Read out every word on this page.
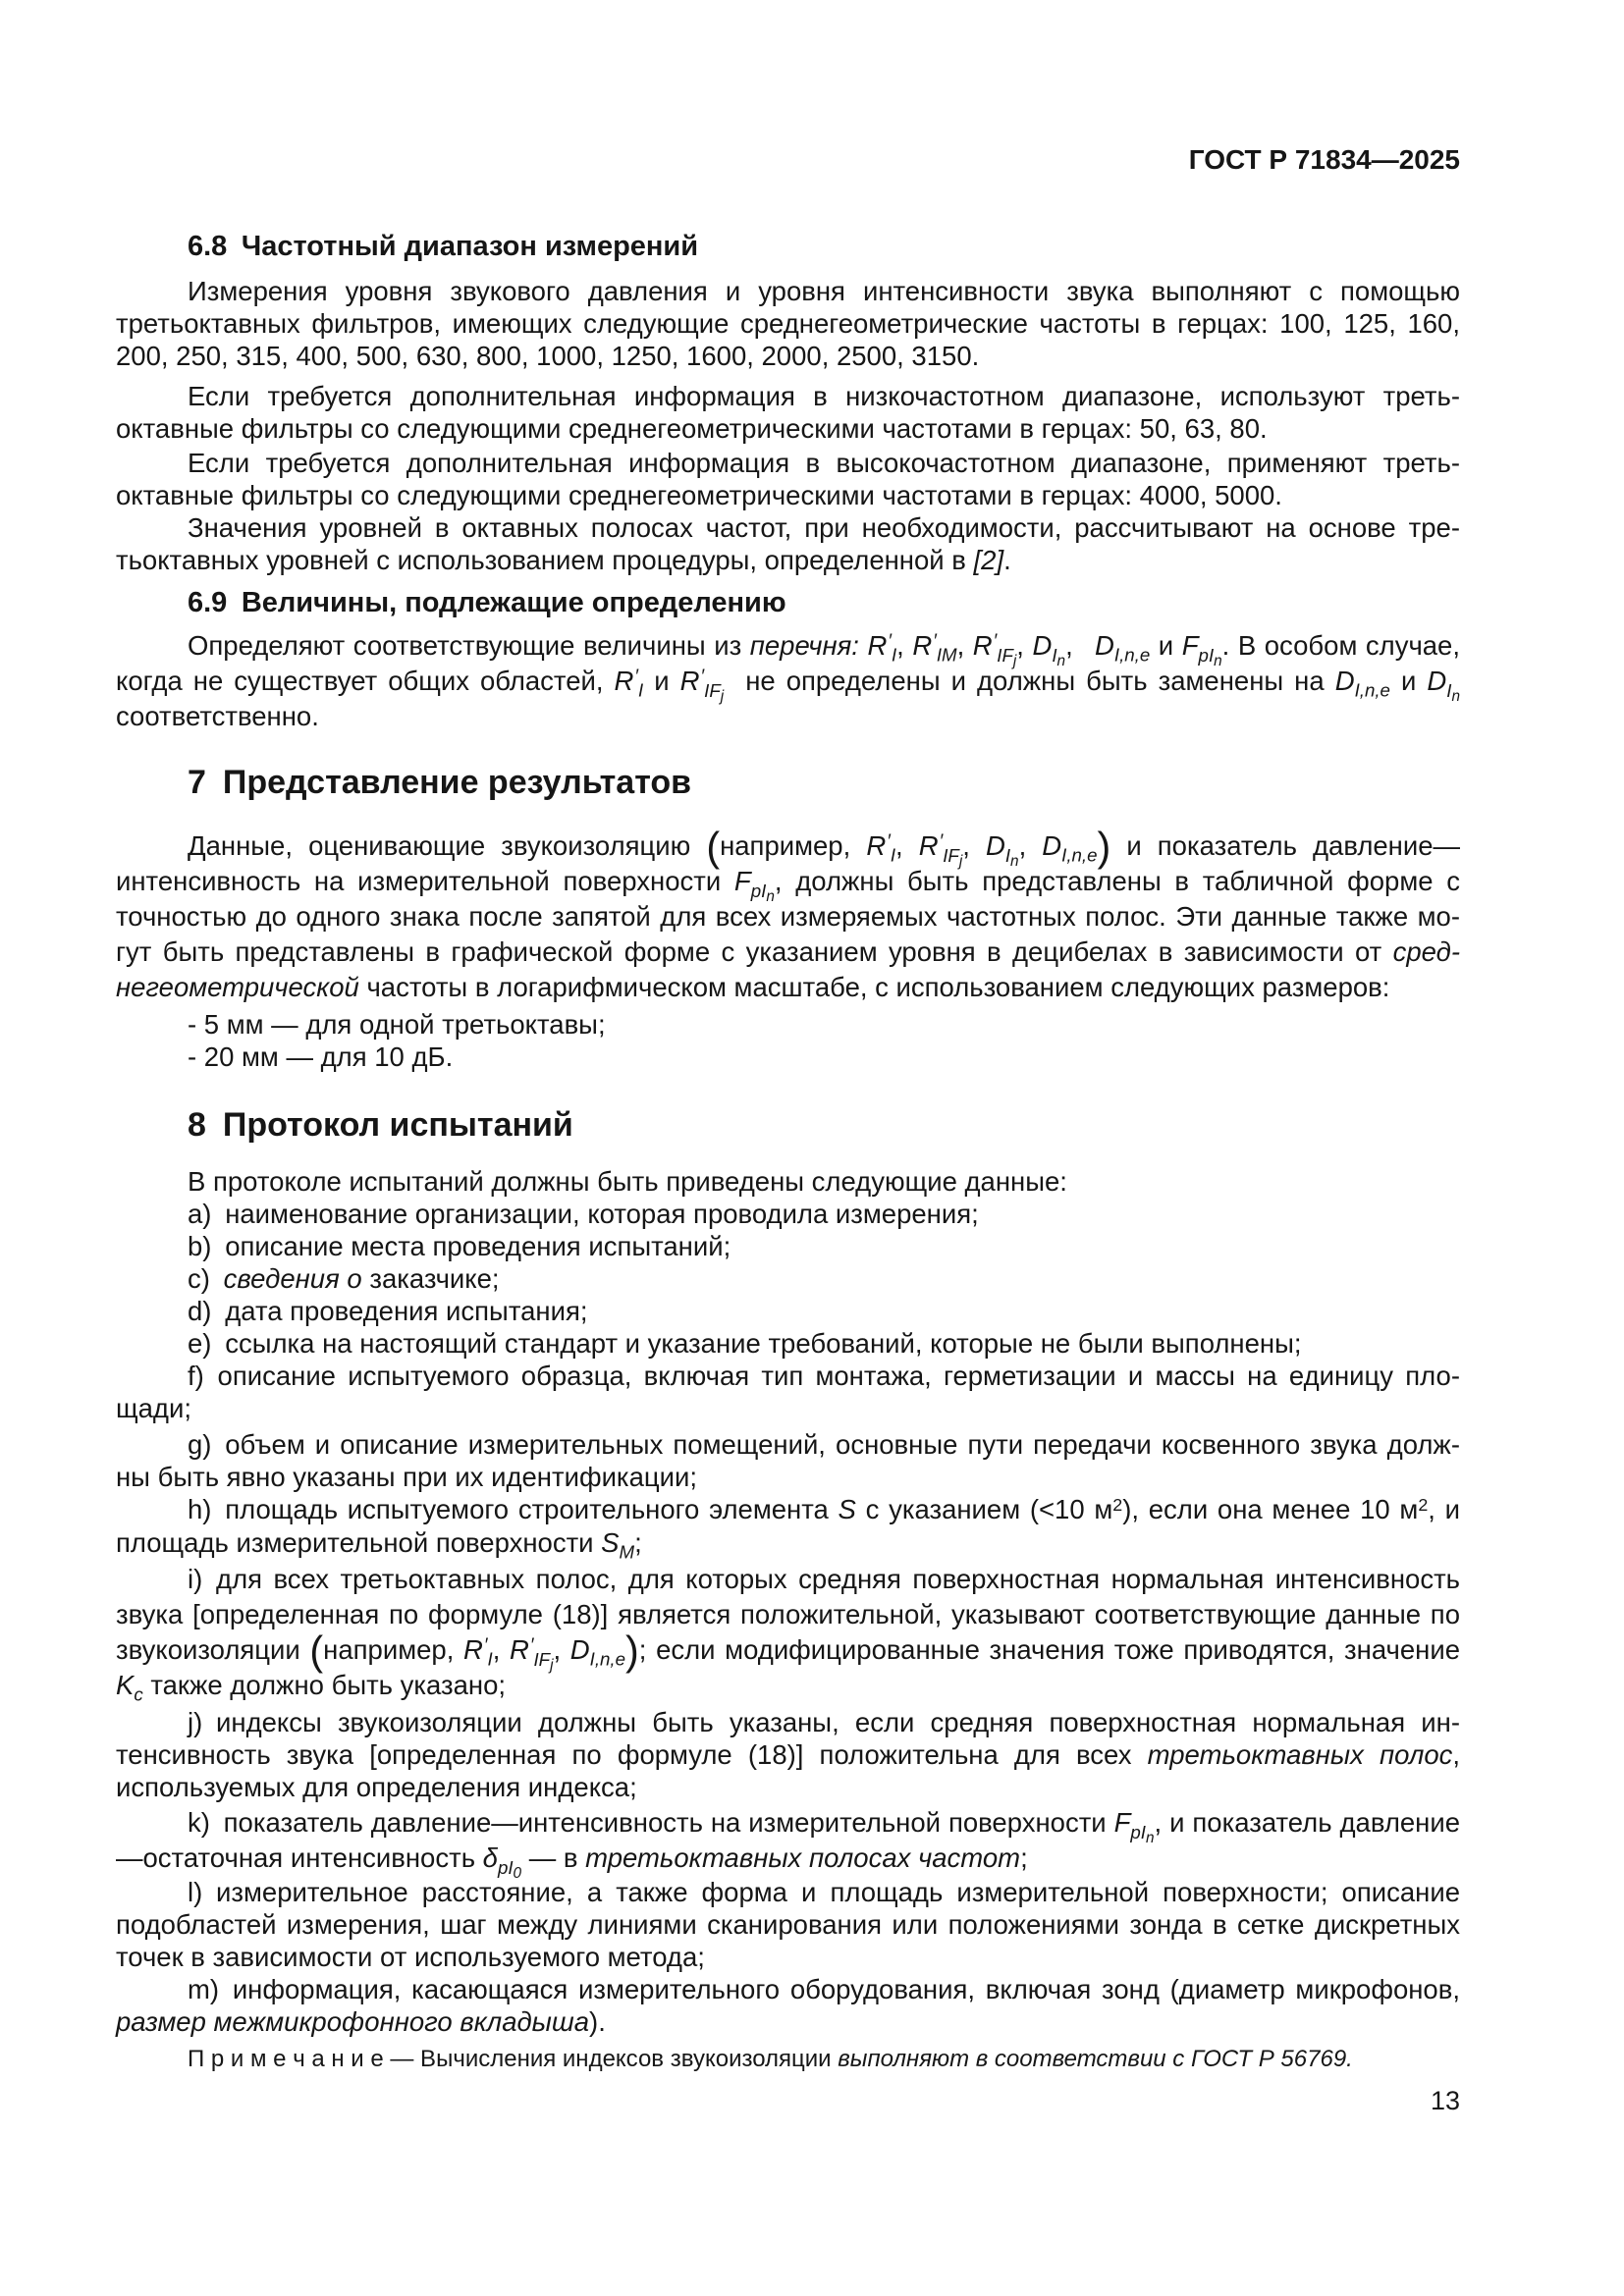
ГОСТ Р 71834—2025
6.8 Частотный диапазон измерений

Измерения уровня звукового давления и уровня интенсивности звука выполняют с помощью третьоктавных фильтров, имеющих следующие среднегеометрические частоты в герцах: 100, 125, 160, 200, 250, 315, 400, 500, 630, 800, 1000, 1250, 1600, 2000, 2500, 3150.

Если требуется дополнительная информация в низкочастотном диапазоне, используют третьоктавные фильтры со следующими среднегеометрическими частотами в герцах: 50, 63, 80.

Если требуется дополнительная информация в высокочастотном диапазоне, применяют третьоктавные фильтры со следующими среднегеометрическими частотами в герцах: 4000, 5000.

Значения уровней в октавных полосах частот, при необходимости, рассчитывают на основе третьоктавных уровней с использованием процедуры, определенной в [2].

6.9 Величины, подлежащие определению

Определяют соответствующие величины из перечня: $R'_I$, $R'_{IM}$, $R'_{IF_j}$, $D_{I_n}$,  $D_{I,n,e}$ и $F_{pI_n}$. В особом случае, когда не существует общих областей, $R'_I$ и $R'_{IF_j}$  не определены и должны быть заменены на $D_{I,n,e}$ и $D_{I_n}$ соответственно.

7 Представление результатов

Данные, оценивающие звукоизоляцию (например, $R'_I$, $R'_{IF_j}$, $D_{I_n}$, $D_{I,n,e}$) и показатель давление—интенсивность на измерительной поверхности $F_{pI_n}$, должны быть представлены в табличной форме с точностью до одного знака после запятой для всех измеряемых частотных полос. Эти данные также могут быть представлены в графической форме с указанием уровня в децибелах в зависимости от среднегеометрической частоты в логарифмическом масштабе, с использованием следующих размеров:

- 5 мм — для одной третьоктавы;

- 20 мм — для 10 дБ.

8 Протокол испытаний

В протоколе испытаний должны быть приведены следующие данные:

a) наименование организации, которая проводила измерения;

b) описание места проведения испытаний;

c) сведения о заказчике;

d) дата проведения испытания;

e) ссылка на настоящий стандарт и указание требований, которые не были выполнены;

f) описание испытуемого образца, включая тип монтажа, герметизации и массы на единицу площади;

g) объем и описание измерительных помещений, основные пути передачи косвенного звука должны быть явно указаны при их идентификации;

h) площадь испытуемого строительного элемента S с указанием (<10 $м^2$), если она менее 10 $м^2$, и площадь измерительной поверхности $S_M$;

i) для всех третьоктавных полос, для которых средняя поверхностная нормальная интенсивность звука [определенная по формуле (18)] является положительной, указывают соответствующие данные по звукоизоляции (например, $R'_I$, $R'_{IF_j}$, $D_{I,n,e}$); если модифицированные значения тоже приводятся, значение $K_c$ также должно быть указано;

j) индексы звукоизоляции должны быть указаны, если средняя поверхностная нормальная интенсивность звука [определенная по формуле (18)] положительна для всех третьоктавных полос, используемых для определения индекса;

k) показатель давление—интенсивность на измерительной поверхности $F_{pI_n}$, и показатель давление—остаточная интенсивность $\delta_{pI_0}$ — в третьоктавных полосах частот;

l) измерительное расстояние, а также форма и площадь измерительной поверхности; описание подобластей измерения, шаг между линиями сканирования или положениями зонда в сетке дискретных точек в зависимости от используемого метода;

m) информация, касающаяся измерительного оборудования, включая зонд (диаметр микрофонов, размер межмикрофонного вкладыша).

П р и м е ч а н и е — Вычисления индексов звукоизоляции выполняют в соответствии с ГОСТ Р 56769.

13
